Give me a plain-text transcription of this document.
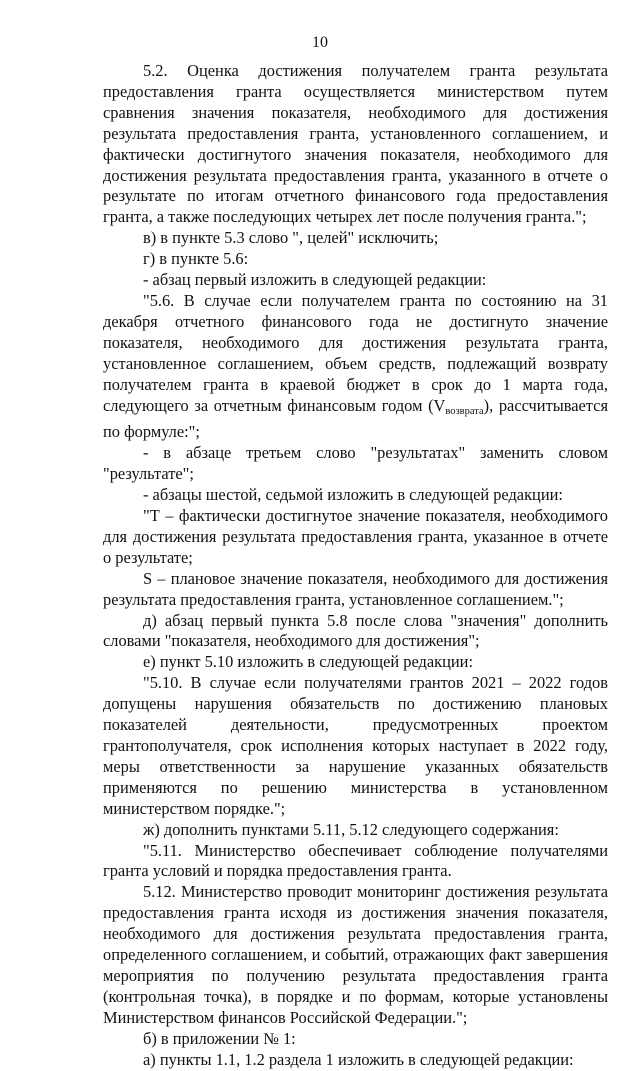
10

5.2. Оценка достижения получателем гранта результата предоставления гранта осуществляется министерством путем сравнения значения показателя, необходимого для достижения результата предоставления гранта, установленного соглашением, и фактически достигнутого значения показателя, необходимого для достижения результата предоставления гранта, указанного в отчете о результате по итогам отчетного финансового года предоставления гранта, а также последующих четырех лет после получения гранта.";

в) в пункте 5.3 слово ", целей" исключить;

г) в пункте 5.6:

- абзац первый изложить в следующей редакции:

"5.6. В случае если получателем гранта по состоянию на 31 декабря отчетного финансового года не достигнуто значение показателя, необходимого для достижения результата гранта, установленное соглашением, объем средств, подлежащий возврату получателем гранта в краевой бюджет в срок до 1 марта года, следующего за отчетным финансовым годом $(V_{возврата})$, рассчитывается по формуле:";

- в абзаце третьем слово "результатах" заменить словом "результате";

- абзацы шестой, седьмой изложить в следующей редакции:

"Т – фактически достигнутое значение показателя, необходимого для достижения результата предоставления гранта, указанное в отчете о результате;

S – плановое значение показателя, необходимого для достижения результата предоставления гранта, установленное соглашением.";

д) абзац первый пункта 5.8 после слова "значения" дополнить словами "показателя, необходимого для достижения";

е) пункт 5.10 изложить в следующей редакции:

"5.10. В случае если получателями грантов 2021 – 2022 годов допущены нарушения обязательств по достижению плановых показателей деятельности, предусмотренных проектом грантополучателя, срок исполнения которых наступает в 2022 году, меры ответственности за нарушение указанных обязательств применяются по решению министерства в установленном министерством порядке.";

ж) дополнить пунктами 5.11, 5.12 следующего содержания:

"5.11. Министерство обеспечивает соблюдение получателями гранта условий и порядка предоставления гранта.

5.12. Министерство проводит мониторинг достижения результата предоставления гранта исходя из достижения значения показателя, необходимого для достижения результата предоставления гранта, определенного соглашением, и событий, отражающих факт завершения мероприятия по получению результата предоставления гранта (контрольная точка), в порядке и по формам, которые установлены Министерством финансов Российской Федерации.";

б) в приложении № 1:

а) пункты 1.1, 1.2 раздела 1 изложить в следующей редакции:
